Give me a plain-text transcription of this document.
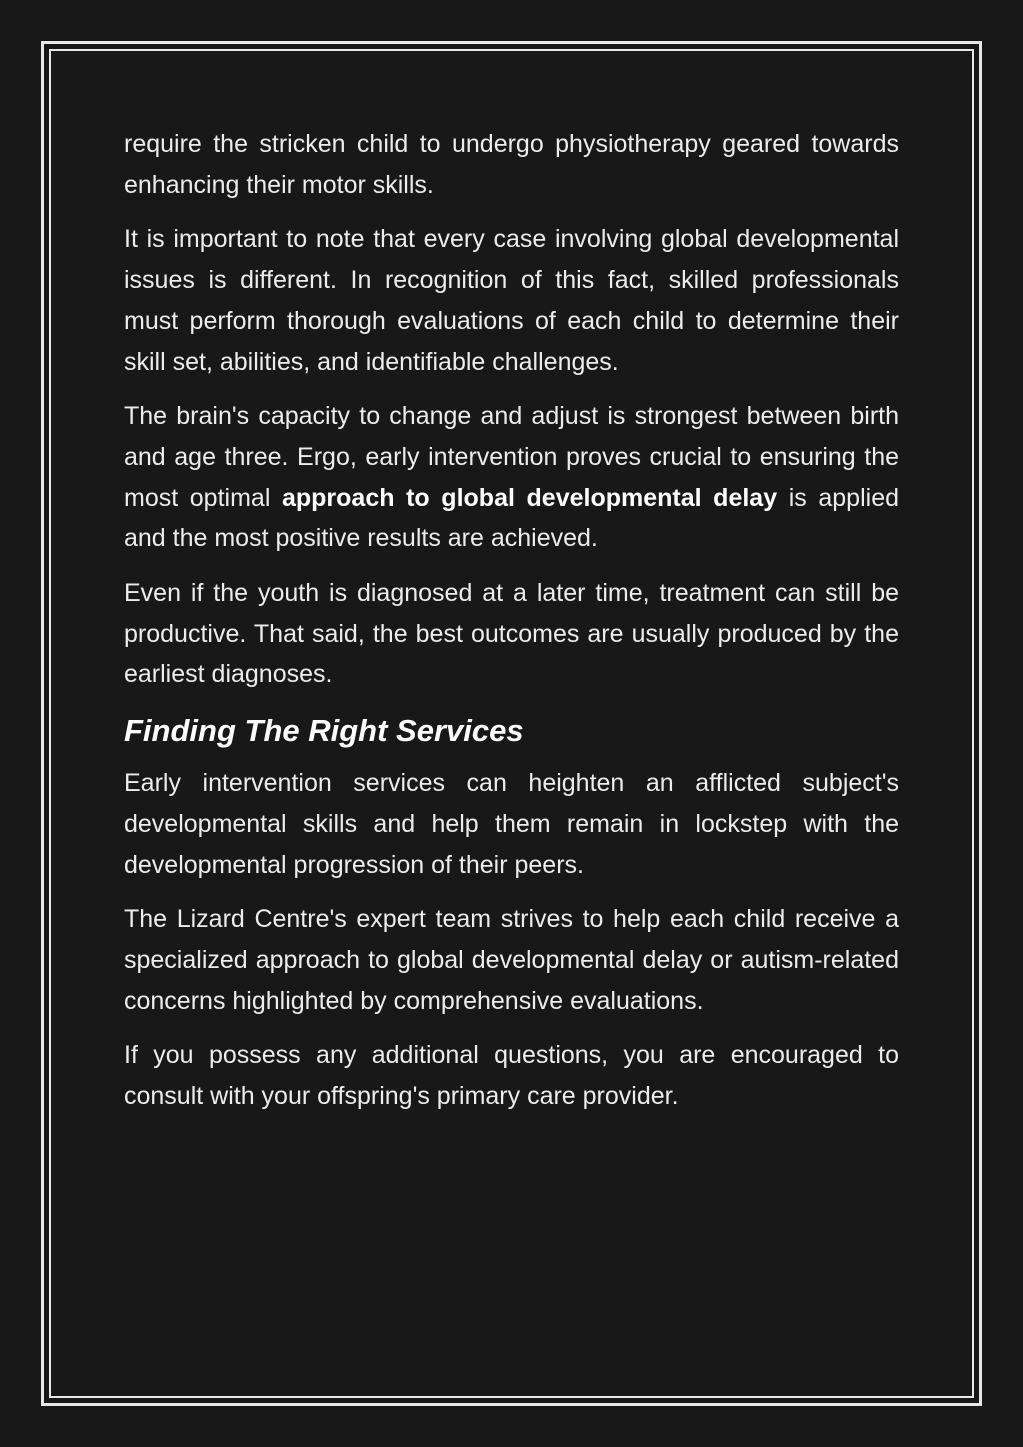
require the stricken child to undergo physiotherapy geared towards enhancing their motor skills.

It is important to note that every case involving global developmental issues is different. In recognition of this fact, skilled professionals must perform thorough evaluations of each child to determine their skill set, abilities, and identifiable challenges.

The brain's capacity to change and adjust is strongest between birth and age three. Ergo, early intervention proves crucial to ensuring the most optimal approach to global developmental delay is applied and the most positive results are achieved.

Even if the youth is diagnosed at a later time, treatment can still be productive. That said, the best outcomes are usually produced by the earliest diagnoses.

Finding The Right Services

Early intervention services can heighten an afflicted subject's developmental skills and help them remain in lockstep with the developmental progression of their peers.

The Lizard Centre's expert team strives to help each child receive a specialized approach to global developmental delay or autism-related concerns highlighted by comprehensive evaluations.

If you possess any additional questions, you are encouraged to consult with your offspring's primary care provider.
